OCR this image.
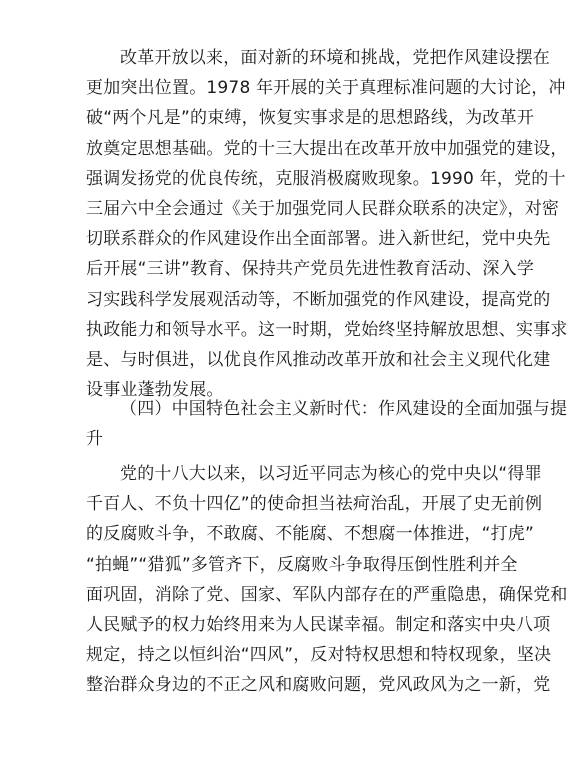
改革开放以来，面对新的环境和挑战，党把作风建设摆在
更加突出位置。1978 年开展的关于真理标准问题的大讨论，冲
破“两个凡是”的束缚，恢复实事求是的思想路线，为改革开
放奠定思想基础。党的十三大提出在改革开放中加强党的建设，
强调发扬党的优良传统，克服消极腐败现象。1990 年，党的十
三届六中全会通过《关于加强党同人民群众联系的决定》，对密
切联系群众的作风建设作出全面部署。进入新世纪，党中央先
后开展“三讲”教育、保持共产党员先进性教育活动、深入学
习实践科学发展观活动等，不断加强党的作风建设，提高党的
执政能力和领导水平。这一时期，党始终坚持解放思想、实事求
是、与时俱进，以优良作风推动改革开放和社会主义现代化建
设事业蓬勃发展。
（四）中国特色社会主义新时代：作风建设的全面加强与提
升
党的十八大以来，以习近平同志为核心的党中央以“得罪
千百人、不负十四亿”的使命担当祛疴治乱，开展了史无前例
的反腐败斗争，不敢腐、不能腐、不想腐一体推进，“打虎”
“拍蝇”“猎狐”多管齐下，反腐败斗争取得压倒性胜利并全
面巩固，消除了党、国家、军队内部存在的严重隐患，确保党和
人民赋予的权力始终用来为人民谋幸福。制定和落实中央八项
规定，持之以恒纠治“四风”，反对特权思想和特权现象，坚决
整治群众身边的不正之风和腐败问题，党风政风为之一新，党
